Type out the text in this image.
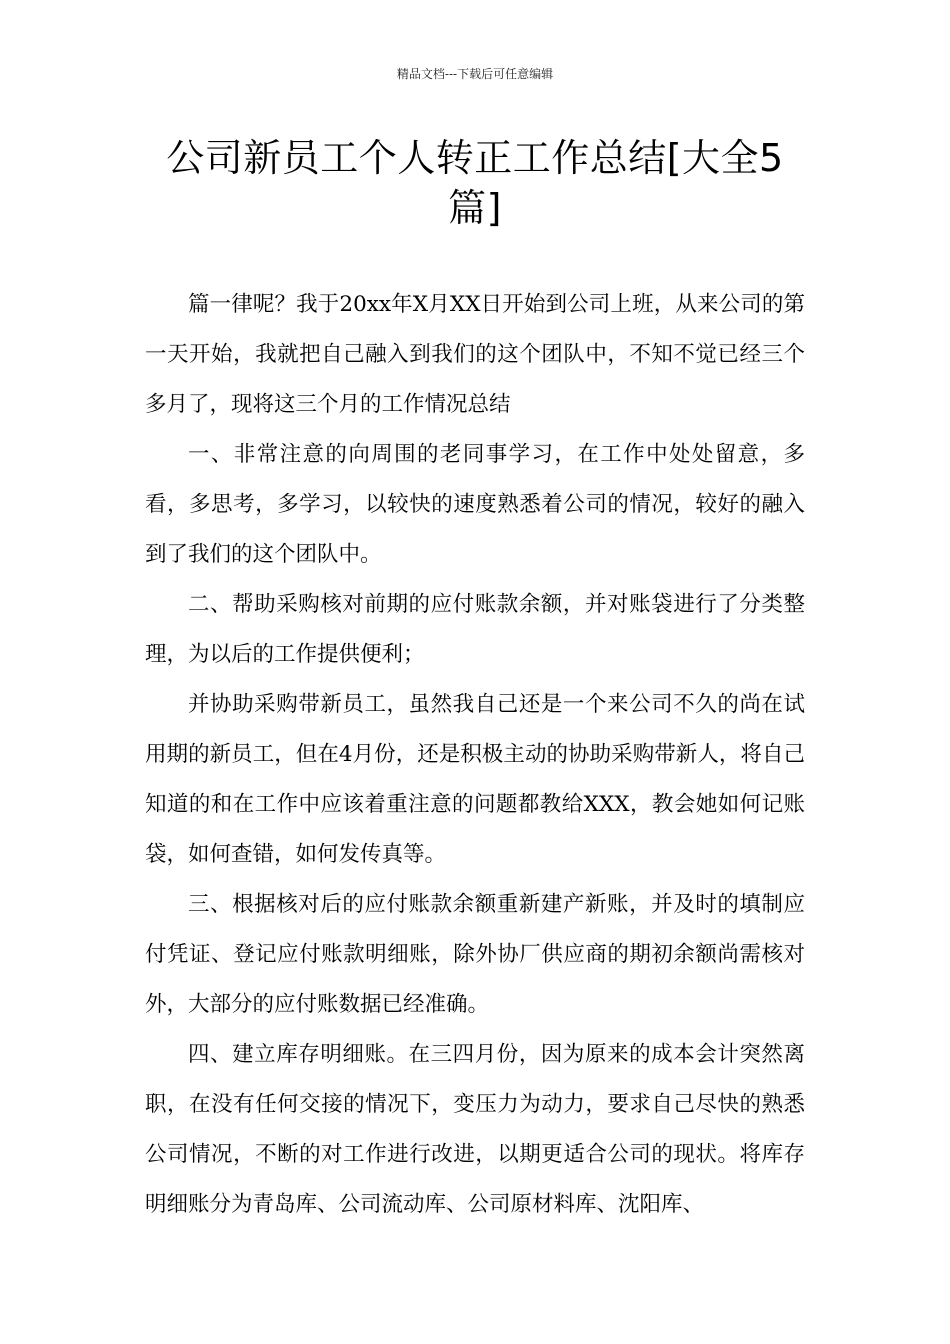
精品文档---下载后可任意编辑
公司新员工个人转正工作总结[大全5篇]

篇一律呢？我于20xx年X月XX日开始到公司上班，从来公司的第一天开始，我就把自己融入到我们的这个团队中，不知不觉已经三个多月了，现将这三个月的工作情况总结

一、非常注意的向周围的老同事学习，在工作中处处留意，多看，多思考，多学习，以较快的速度熟悉着公司的情况，较好的融入到了我们的这个团队中。

二、帮助采购核对前期的应付账款余额，并对账袋进行了分类整理，为以后的工作提供便利；

并协助采购带新员工，虽然我自己还是一个来公司不久的尚在试用期的新员工，但在4月份，还是积极主动的协助采购带新人，将自己知道的和在工作中应该着重注意的问题都教给XXX，教会她如何记账袋，如何查错，如何发传真等。

三、根据核对后的应付账款余额重新建产新账，并及时的填制应付凭证、登记应付账款明细账，除外协厂供应商的期初余额尚需核对外，大部分的应付账数据已经准确。

四、建立库存明细账。在三四月份，因为原来的成本会计突然离职，在没有任何交接的情况下，变压力为动力，要求自己尽快的熟悉公司情况，不断的对工作进行改进，以期更适合公司的现状。将库存明细账分为青岛库、公司流动库、公司原材料库、沈阳库、
